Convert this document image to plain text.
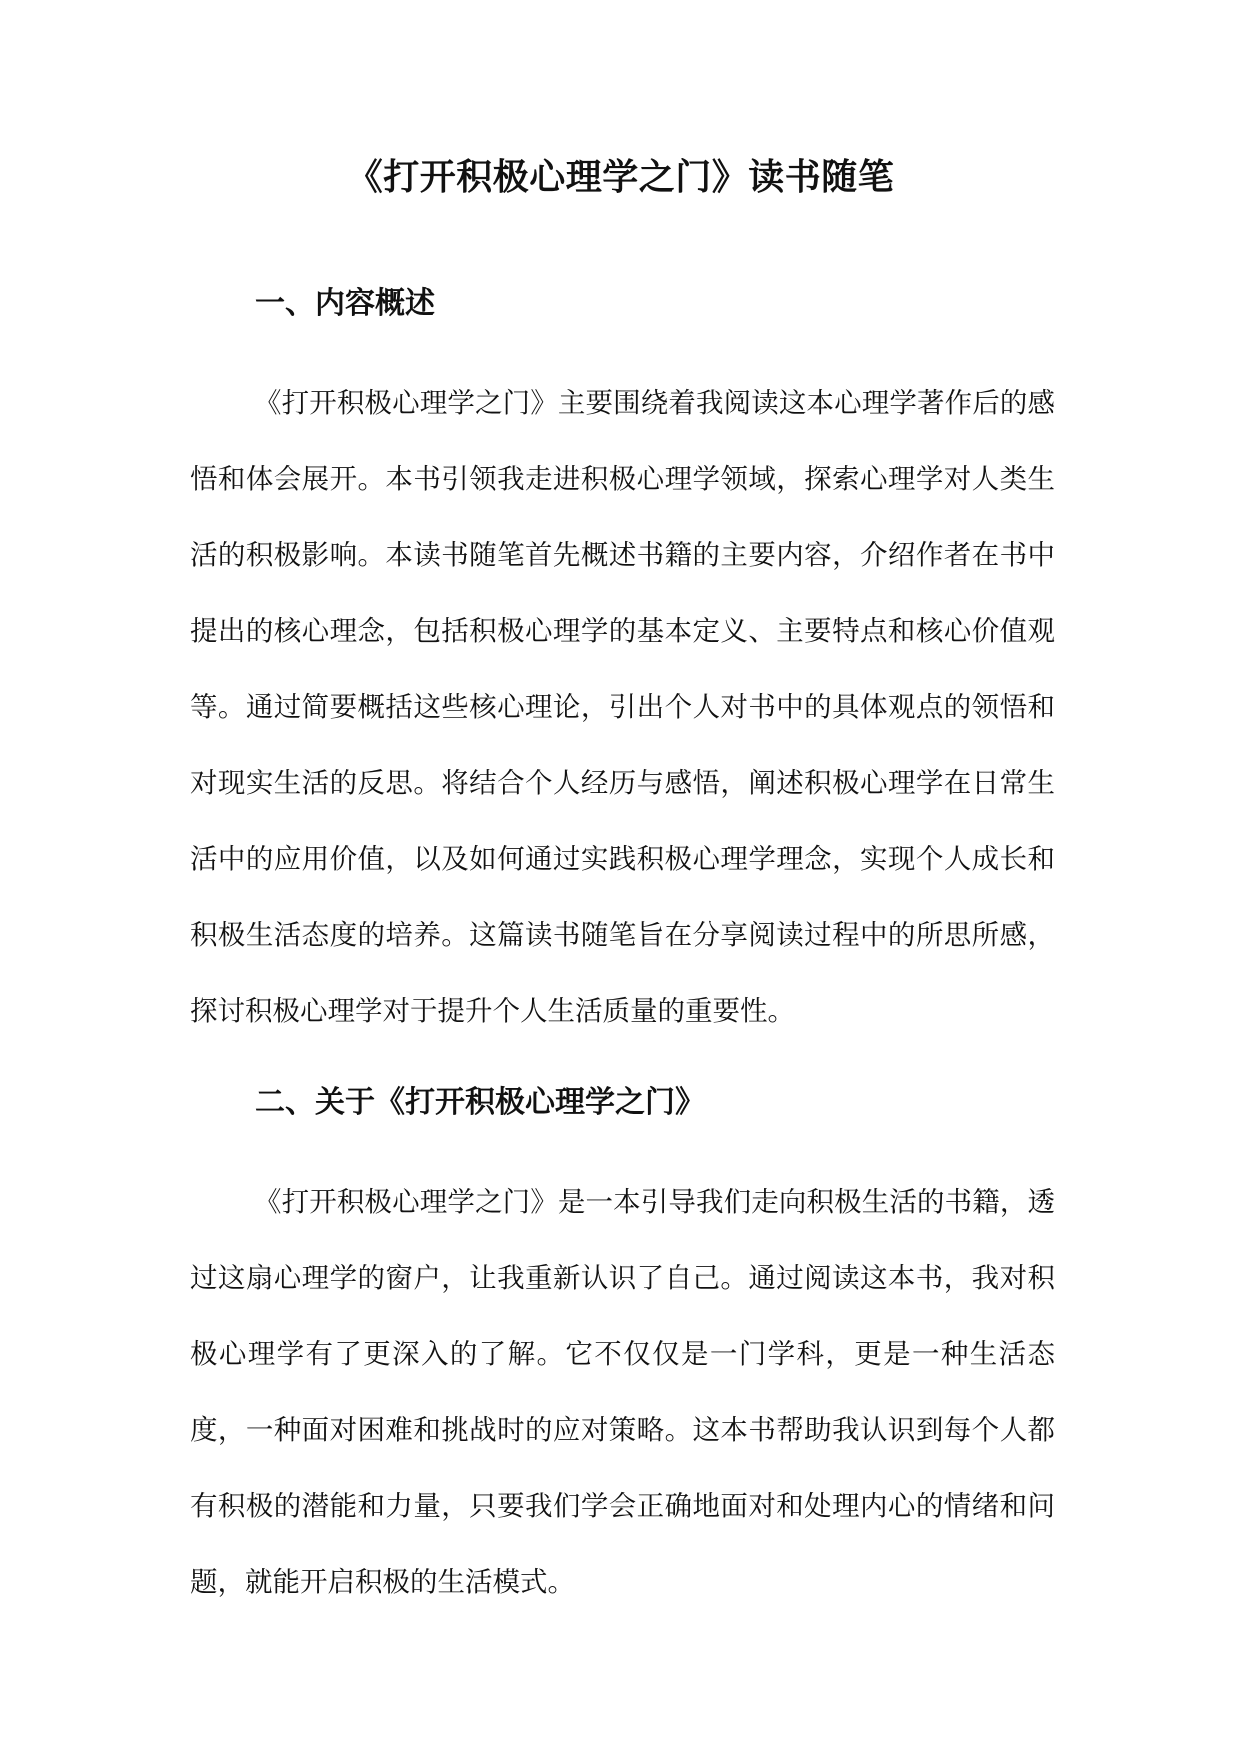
《打开积极心理学之门》读书随笔
一、内容概述

《打开积极心理学之门》主要围绕着我阅读这本心理学著作后的感悟和体会展开。本书引领我走进积极心理学领域，探索心理学对人类生活的积极影响。本读书随笔首先概述书籍的主要内容，介绍作者在书中提出的核心理念，包括积极心理学的基本定义、主要特点和核心价值观等。通过简要概括这些核心理论，引出个人对书中的具体观点的领悟和对现实生活的反思。将结合个人经历与感悟，阐述积极心理学在日常生活中的应用价值，以及如何通过实践积极心理学理念，实现个人成长和积极生活态度的培养。这篇读书随笔旨在分享阅读过程中的所思所感，探讨积极心理学对于提升个人生活质量的重要性。

二、关于《打开积极心理学之门》

《打开积极心理学之门》是一本引导我们走向积极生活的书籍，透过这扇心理学的窗户，让我重新认识了自己。通过阅读这本书，我对积极心理学有了更深入的了解。它不仅仅是一门学科，更是一种生活态度，一种面对困难和挑战时的应对策略。这本书帮助我认识到每个人都有积极的潜能和力量，只要我们学会正确地面对和处理内心的情绪和问题，就能开启积极的生活模式。
